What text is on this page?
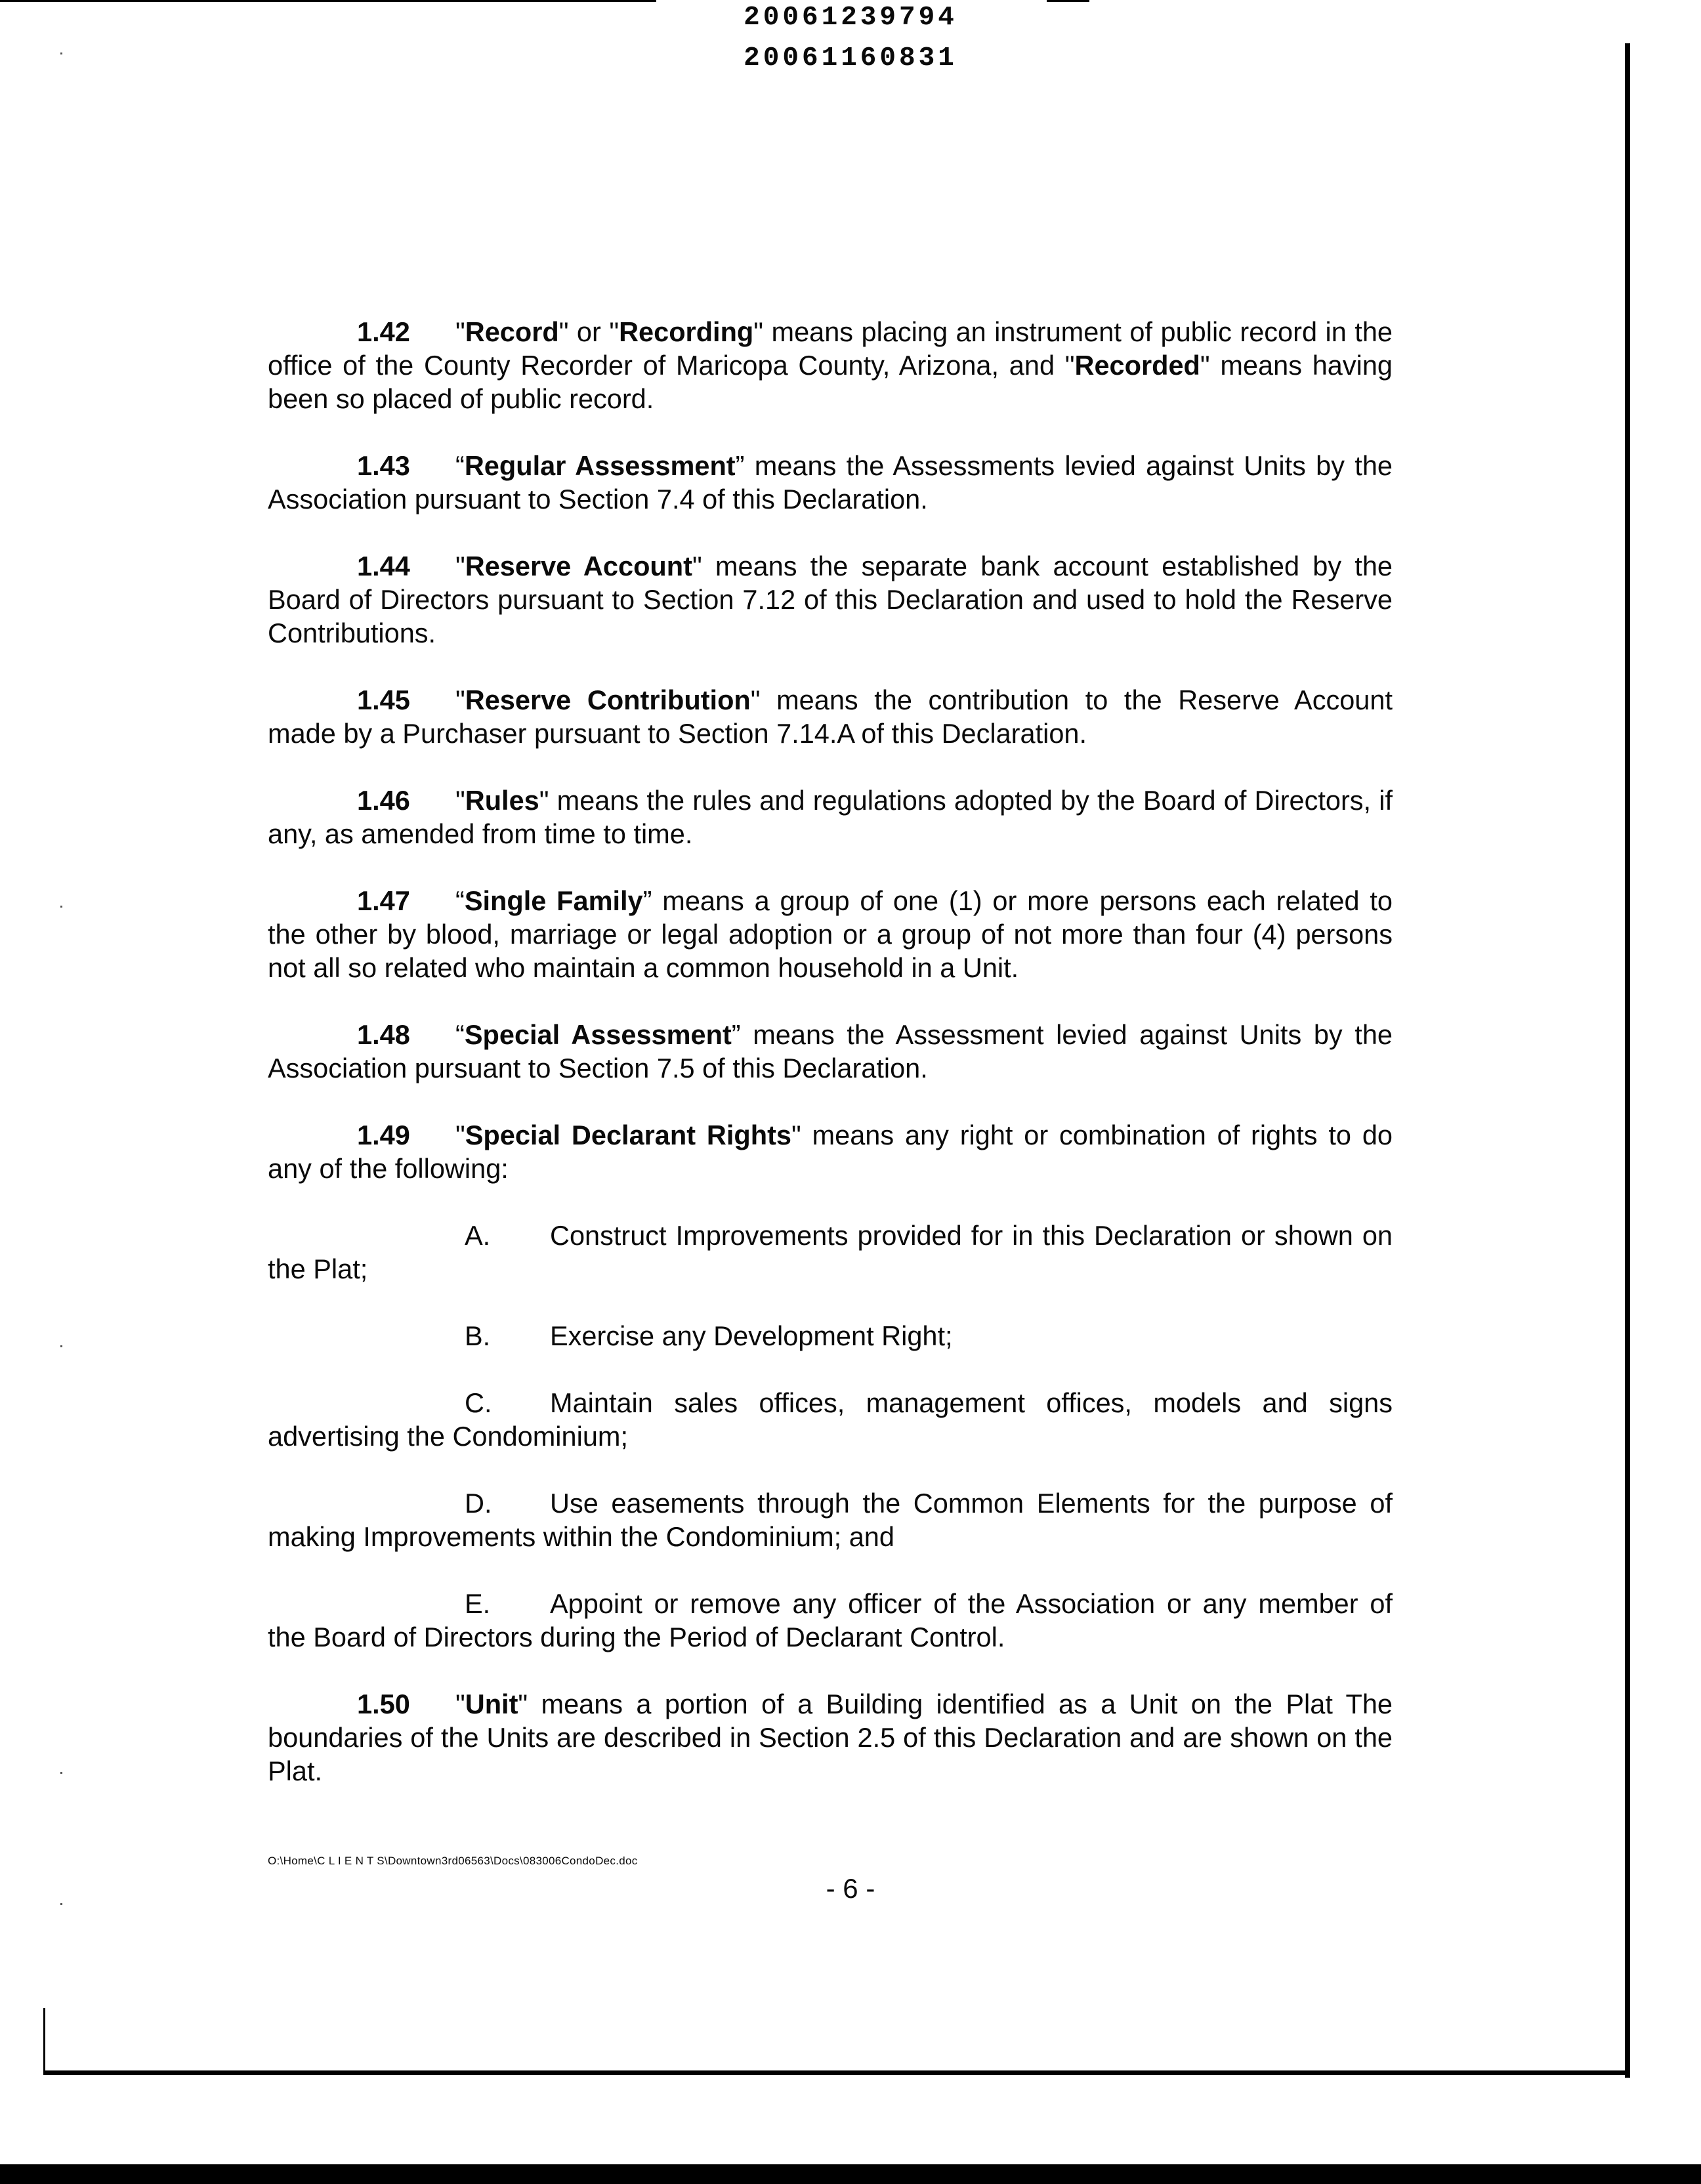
20061239794
20061160831

1.42 "Record" or "Recording" means placing an instrument of public record in the office of the County Recorder of Maricopa County, Arizona, and "Recorded" means having been so placed of public record.

1.43 “Regular Assessment” means the Assessments levied against Units by the Association pursuant to Section 7.4 of this Declaration.

1.44 "Reserve Account" means the separate bank account established by the Board of Directors pursuant to Section 7.12 of this Declaration and used to hold the Reserve Contributions.

1.45 "Reserve Contribution" means the contribution to the Reserve Account made by a Purchaser pursuant to Section 7.14.A of this Declaration.

1.46 "Rules" means the rules and regulations adopted by the Board of Directors, if any, as amended from time to time.

1.47 “Single Family” means a group of one (1) or more persons each related to the other by blood, marriage or legal adoption or a group of not more than four (4) persons not all so related who maintain a common household in a Unit.

1.48 “Special Assessment” means the Assessment levied against Units by the Association pursuant to Section 7.5 of this Declaration.

1.49 "Special Declarant Rights" means any right or combination of rights to do any of the following:

A. Construct Improvements provided for in this Declaration or shown on the Plat;

B. Exercise any Development Right;

C. Maintain sales offices, management offices, models and signs advertising the Condominium;

D. Use easements through the Common Elements for the purpose of making Improvements within the Condominium; and

E. Appoint or remove any officer of the Association or any member of the Board of Directors during the Period of Declarant Control.

1.50 "Unit" means a portion of a Building identified as a Unit on the Plat The boundaries of the Units are described in Section 2.5 of this Declaration and are shown on the Plat.

O:\Home\C L I E N T S\Downtown3rd06563\Docs\083006CondoDec.doc
- 6 -
